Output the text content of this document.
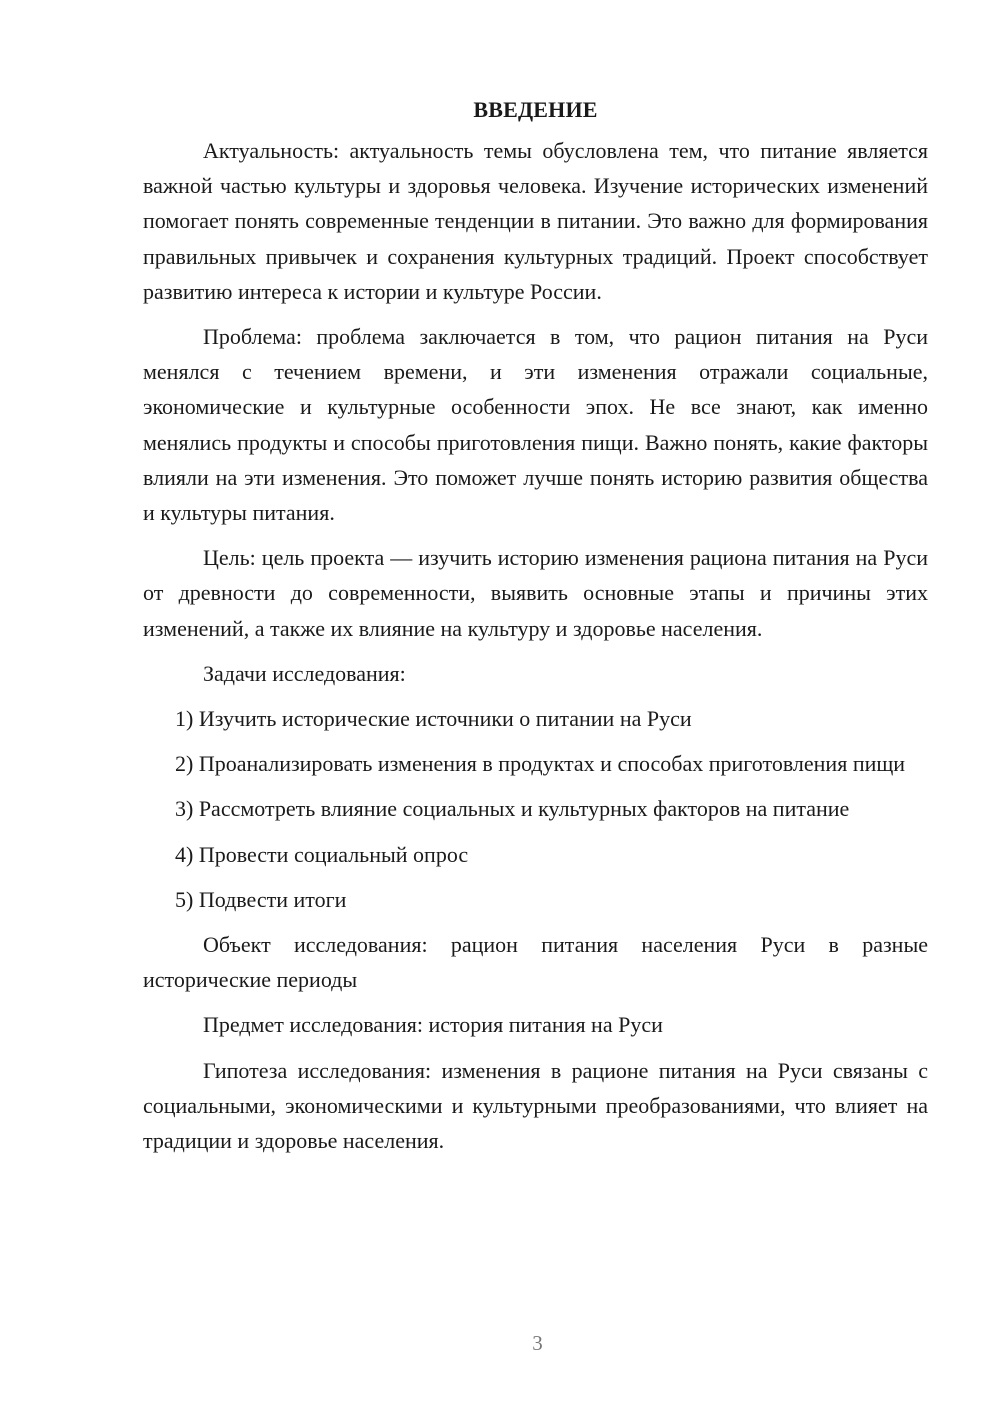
ВВЕДЕНИЕ

Актуальность: актуальность темы обусловлена тем, что питание является важной частью культуры и здоровья человека. Изучение исторических изменений помогает понять современные тенденции в питании. Это важно для формирования правильных привычек и сохранения культурных традиций. Проект способствует развитию интереса к истории и культуре России.

Проблема: проблема заключается в том, что рацион питания на Руси менялся с течением времени, и эти изменения отражали социальные, экономические и культурные особенности эпох. Не все знают, как именно менялись продукты и способы приготовления пищи. Важно понять, какие факторы влияли на эти изменения. Это поможет лучше понять историю развития общества и культуры питания.

Цель: цель проекта — изучить историю изменения рациона питания на Руси от древности до современности, выявить основные этапы и причины этих изменений, а также их влияние на культуру и здоровье населения.

Задачи исследования:

1) Изучить исторические источники о питании на Руси

2) Проанализировать изменения в продуктах и способах приготовления пищи

3) Рассмотреть влияние социальных и культурных факторов на питание

4) Провести социальный опрос

5) Подвести итоги

Объект исследования: рацион питания населения Руси в разные исторические периоды

Предмет исследования: история питания на Руси

Гипотеза исследования: изменения в рационе питания на Руси связаны с социальными, экономическими и культурными преобразованиями, что влияет на традиции и здоровье населения.

3
